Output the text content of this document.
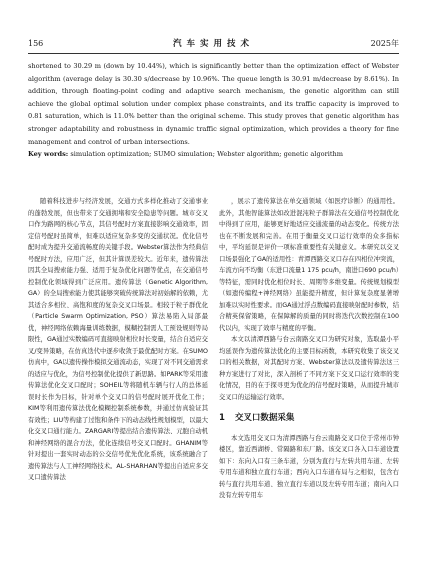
156	汽车实用技术	2025年

shortened to 30.29 m (down by 10.44%), which is significantly better than the optimization effect of Webster algorithm (average delay is 30.30 s/decrease by 10.96%. The queue length is 30.91 m/decrease by 8.61%). In addition, through floating-point coding and adaptive search mechanism, the genetic algorithm can still achieve the global optimal solution under complex phase constraints, and its traffic capacity is improved to 0.81 saturation, which is 11.0% better than the original scheme. This study proves that genetic algorithm has stronger adaptability and robustness in dynamic traffic signal optimization, which provides a theory for fine management and control of urban intersections.

Key words: simulation optimization; SUMO simulation; Webster algorithm; genetic algorithm

随着科技进步与经济发展，交通方式多样化推动了交通事业的蓬勃发展，但也带来了交通拥堵和安全隐患等问题。城市交叉口作为路网的核心节点，其信号配时方案直接影响交通效率，固定信号配时虽简单，但难以适应复杂多变的交通状况。优化信号配时成为提升交通流畅度的关键手段。Webster算法作为经典信号配时方法，应用广泛，但其计算误差较大。近年来，遗传算法因其全局搜索能力强、适用于复杂优化问题等优点，在交通信号控制优化领域得到广泛应用。遗传算法（Genetic Algorithm, GA）的全局搜索能力使其能够突破传统算法对初始解的依赖，尤其适合多相位、高饱和度的复杂交叉口场景。相较于粒子群优化（Particle Swarm Optimization, PSO）算法易陷入局部最优，神经网络依赖海量训练数据，模糊控制需人工预设规则等局限性，GA通过实数编码可直接映射相位时长变量，结合自适应交叉/变异策略，在仿真迭代中逐步收敛于最优配时方案。在SUMO仿真中，GA以遗传操作模拟交通流动态，实现了对不同交通需求的适应与优化，为信号控制优化提供了新思路。如PARK等采用遗传算法优化交叉口配时；SOHEIL等将随机车辆与行人的总体延误时长作为目标，针对单个交叉口的信号配时展开优化工作；KIM等利用遗传算法优化模糊控制系统参数，并通过仿真验证其有效性；LIU等构建了过饱和条件下的动态线性规划模型，以最大化交叉口通行能力。ZARGARI等提出结合遗传算法、元胞自动机和神经网络的混合方法，优化连续信号交叉口配时。GHANIM等针对提出一套实时动态的公交信号优先优化系统，该系统融合了遗传算法与人工神经网络技术。AL-SHARHAN等提出自适应多交叉口遗传算法

，展示了遗传算法在单交通领域（如医疗诊断）的通用性。此外，其他智能算法如改进混沌粒子群算法在交通信号控制优化中得到了应用，能够更好地适应交通流量的动态变化。传统方法也在不断发展和完善。在用于衡量交叉口运行效率的众多指标中，平均延误是评价一项标准重要性有关键意义。本研究以交叉口场景强化了GA的适用性：青潭西路交叉口存在四相位冲突流，车流方向不均衡（东进口流量1 175 pcu/h，南进口690 pcu/h）等特征，需同时优化相位时长、周期等多维变量。传统规划模型（如遗传编程+神经网络）虽能提升精度，但计算复杂度显著增加难以实时性要求。而GA通过浮点数编码直接映射配时参数，结合精英保留策略，在保障解的质量的同时将迭代次数控制在100代以内，实现了效率与精度的平衡。

本文以清潭西路与台云南路交叉口为研究对象，选取最小平均延误作为遗传算法优化的主要目标函数，本研究收集了该交叉口的相关数据，对其配时方案、Webster算法以及遗传算法这三种方案进行了对比，深入剖析了不同方案下交叉口运行效率的变化情况，目的在于探寻更为优化的信号配时策略，从而提升城市交叉口的运输运行效率。

1 交叉口数据采集

本文选用交叉口为清潭西路与台云南路交叉口位于常州市钟楼区，靠近西湖桥、常隔路和东厂路。该交叉口各入口车道设置如下：东向入口有三条车道，分别为直行与左转共用车道、左转专用车道和独立直行车道；西向入口车道布局与之相似，包含右转与直行共用车道、独立直行车道以及左转专用车道；南向入口没有左转专用车
